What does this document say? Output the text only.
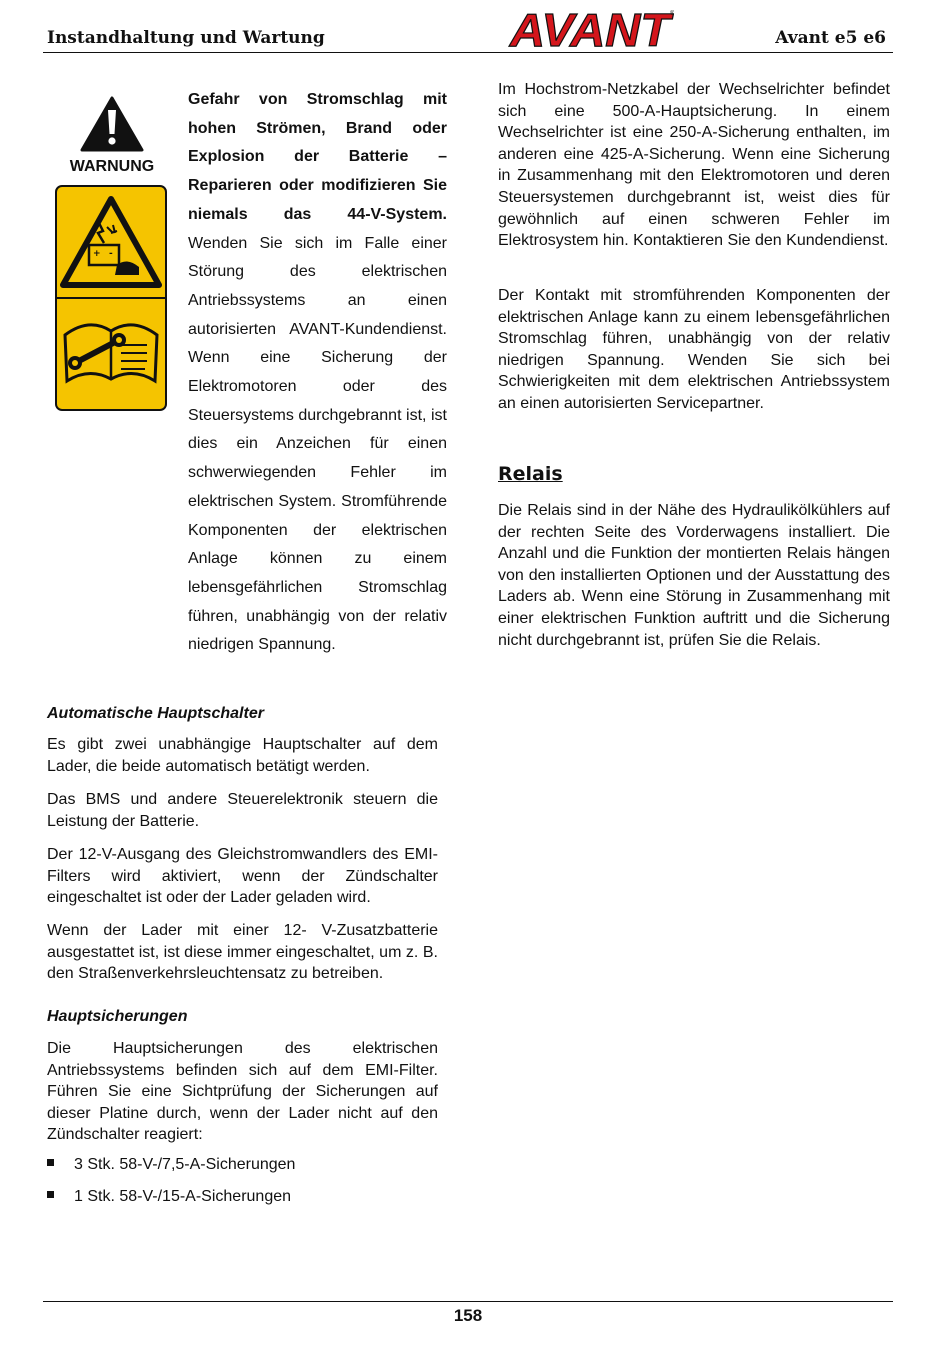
Instandhaltung und Wartung	AVANT
®
Avant e5 e6
WARNUNG
+ -
Gefahr von Stromschlag mit hohen Strömen, Brand oder Explosion der Batterie – Reparieren oder modifizieren Sie niemals das 44-V-System. Wenden Sie sich im Falle einer Störung des elektrischen Antriebssystems an einen autorisierten AVANT-Kundendienst. Wenn eine Sicherung der Elektromotoren oder des Steuersystems durchgebrannt ist, ist dies ein Anzeichen für einen schwerwiegenden Fehler im elektrischen System. Stromführende Komponenten der elektrischen Anlage können zu einem lebensgefährlichen Stromschlag führen, unabhängig von der relativ niedrigen Spannung.
Automatische Hauptschalter
Es gibt zwei unabhängige Hauptschalter auf dem Lader, die beide automatisch betätigt werden.
Das BMS und andere Steuerelektronik steuern die Leistung der Batterie.
Der 12-V-Ausgang des Gleichstromwandlers des EMI-Filters wird aktiviert, wenn der Zündschalter eingeschaltet ist oder der Lader geladen wird.
Wenn der Lader mit einer 12- V-Zusatzbatterie ausgestattet ist, ist diese immer eingeschaltet, um z. B. den Straßenverkehrsleuchtensatz zu betreiben.
Hauptsicherungen
Die Hauptsicherungen des elektrischen Antriebssystems befinden sich auf dem EMI-Filter. Führen Sie eine Sichtprüfung der Sicherungen auf dieser Platine durch, wenn der Lader nicht auf den Zündschalter reagiert:
3 Stk. 58-V-/7,5-A-Sicherungen
1 Stk. 58-V-/15-A-Sicherungen
Im Hochstrom-Netzkabel der Wechselrichter befindet sich eine 500-A-Hauptsicherung. In einem Wechselrichter ist eine 250-A-Sicherung enthalten, im anderen eine 425-A-Sicherung. Wenn eine Sicherung in Zusammenhang mit den Elektromotoren und deren Steuersystemen durchgebrannt ist, weist dies für gewöhnlich auf einen schweren Fehler im Elektrosystem hin. Kontaktieren Sie den Kundendienst.
Der Kontakt mit stromführenden Komponenten der elektrischen Anlage kann zu einem lebensgefährlichen Stromschlag führen, unabhängig von der relativ niedrigen Spannung. Wenden Sie sich bei Schwierigkeiten mit dem elektrischen Antriebssystem an einen autorisierten Servicepartner.
Relais
Die Relais sind in der Nähe des Hydraulikölkühlers auf der rechten Seite des Vorderwagens installiert. Die Anzahl und die Funktion der montierten Relais hängen von den installierten Optionen und der Ausstattung des Laders ab. Wenn eine Störung in Zusammenhang mit einer elektrischen Funktion auftritt und die Sicherung nicht durchgebrannt ist, prüfen Sie die Relais.
158
